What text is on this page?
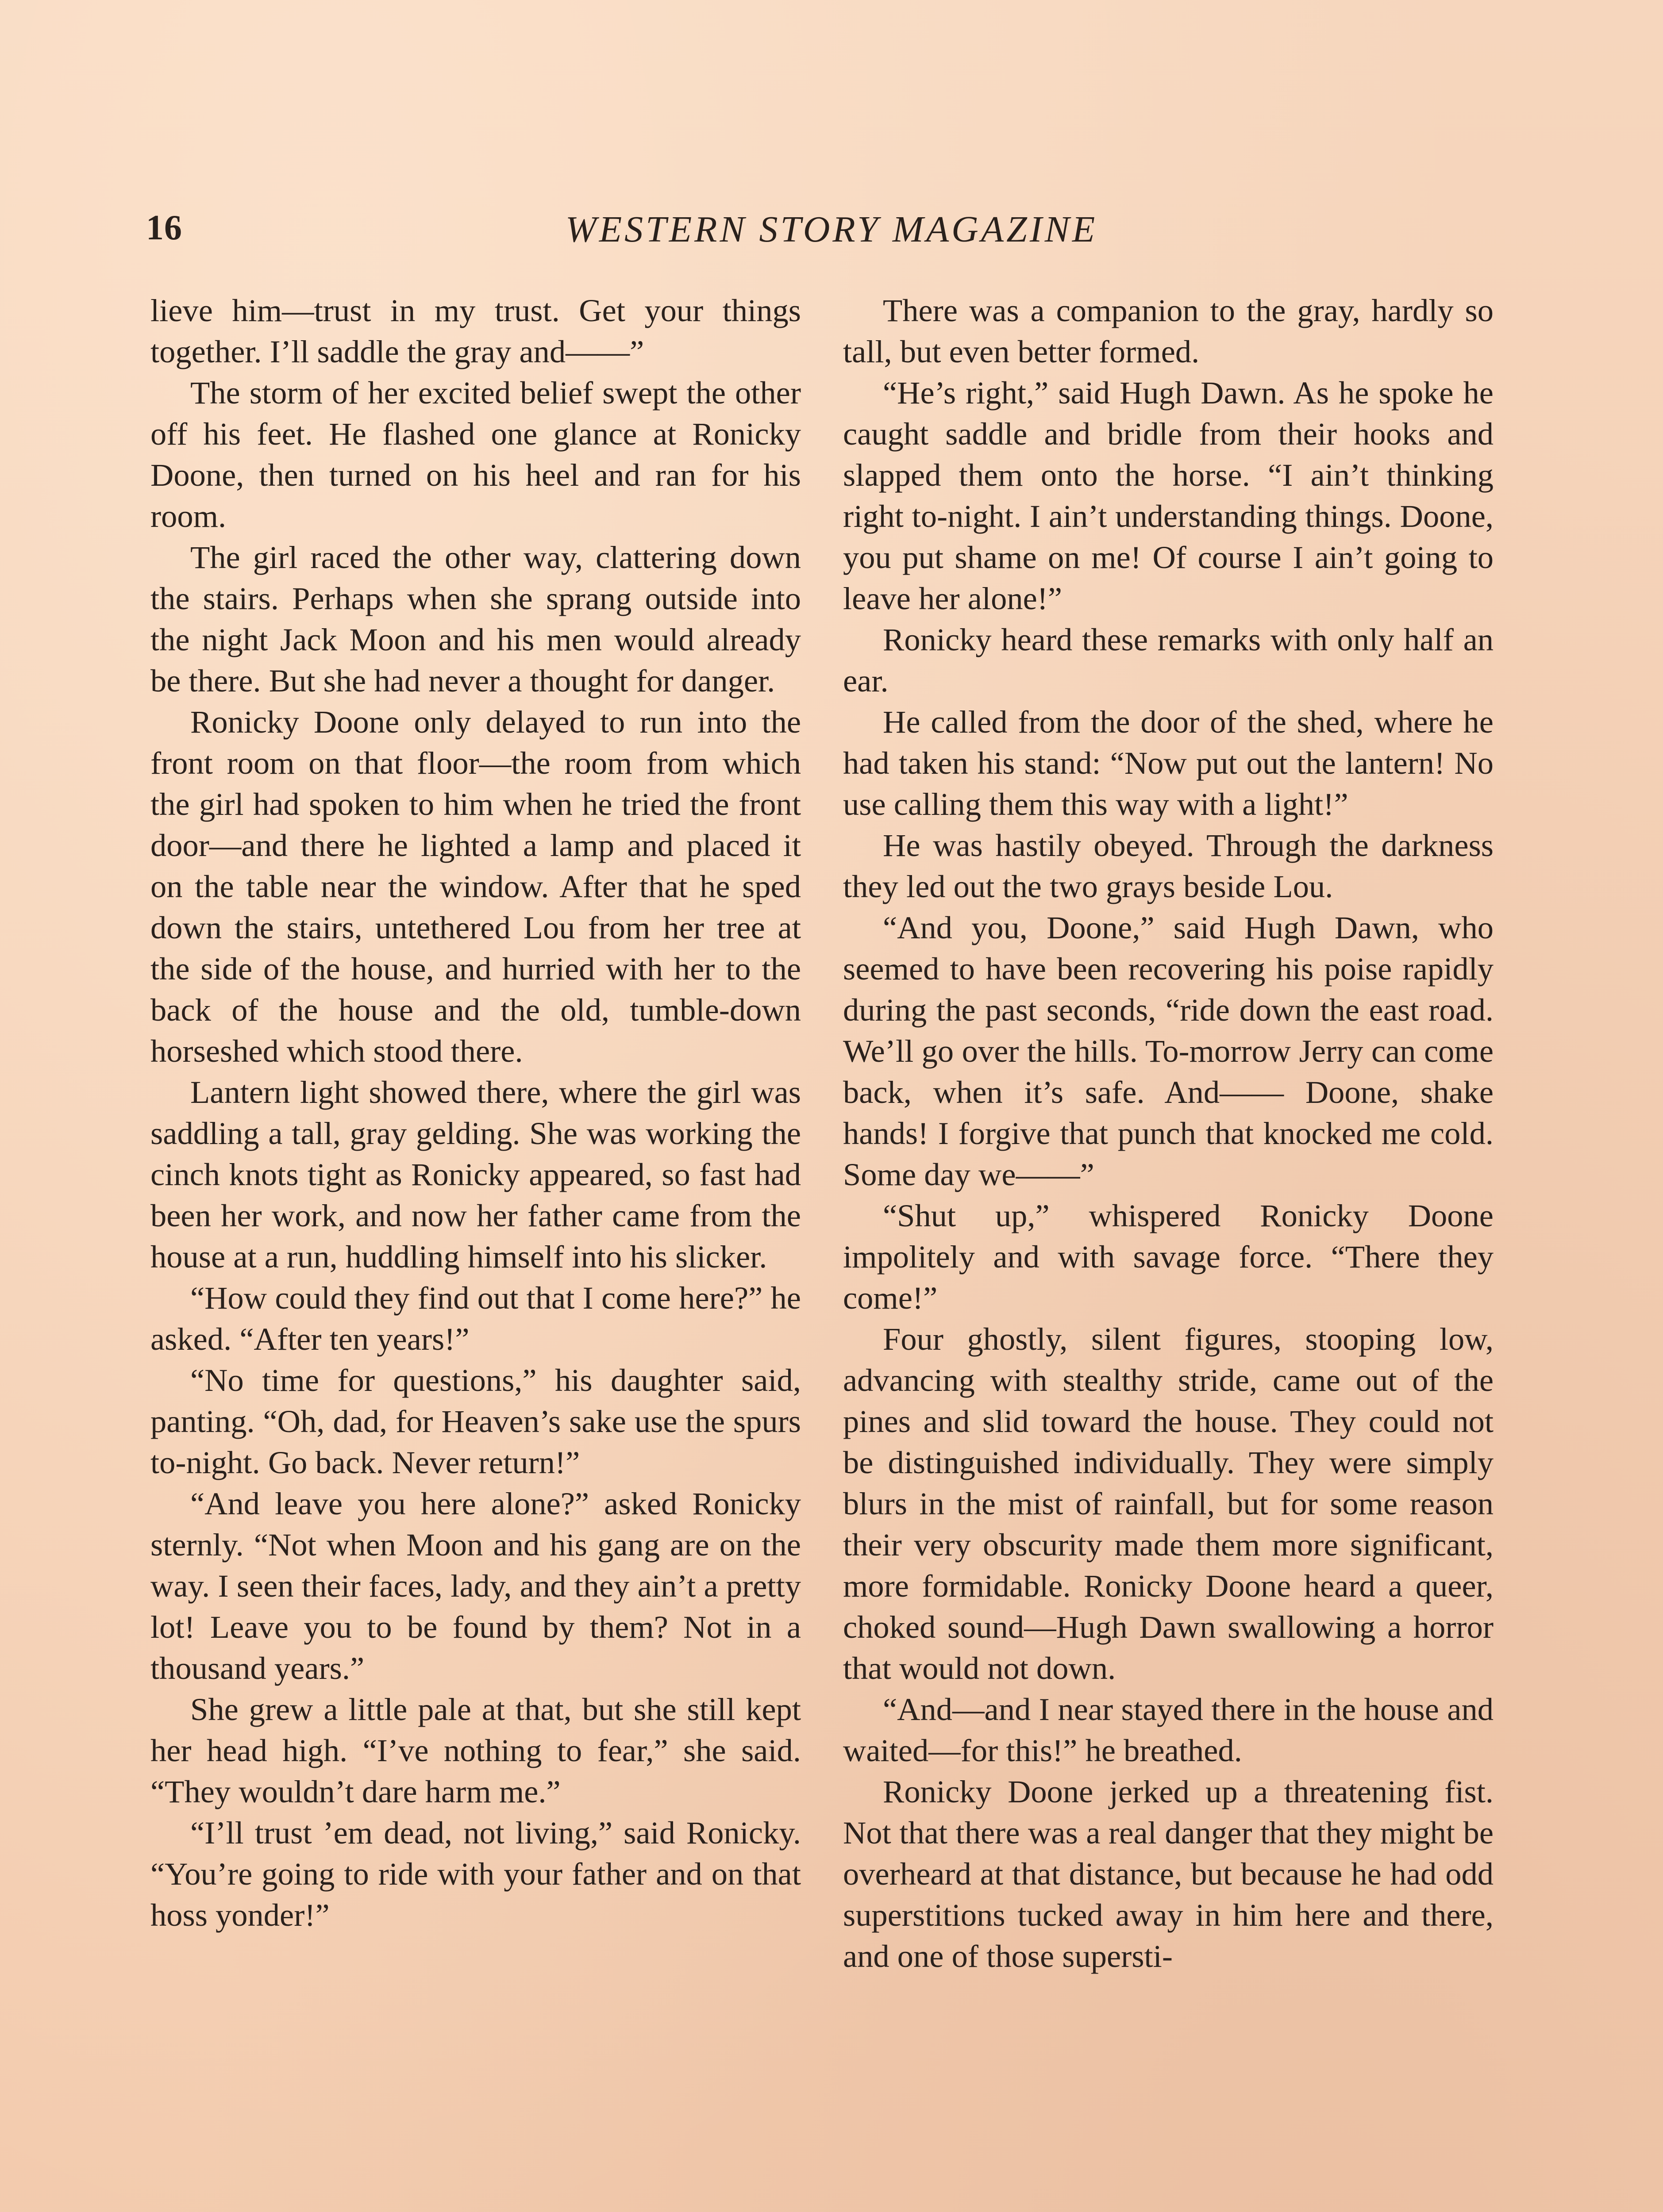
16	WESTERN STORY MAGAZINE

lieve him—trust in my trust. Get your things together. I’ll saddle the gray and——”

The storm of her excited belief swept the other off his feet. He flashed one glance at Ronicky Doone, then turned on his heel and ran for his room.

The girl raced the other way, clattering down the stairs. Perhaps when she sprang outside into the night Jack Moon and his men would already be there. But she had never a thought for danger.

Ronicky Doone only delayed to run into the front room on that floor—the room from which the girl had spoken to him when he tried the front door—and there he lighted a lamp and placed it on the table near the window. After that he sped down the stairs, untethered Lou from her tree at the side of the house, and hurried with her to the back of the house and the old, tumble-down horseshed which stood there.

Lantern light showed there, where the girl was saddling a tall, gray gelding. She was working the cinch knots tight as Ronicky appeared, so fast had been her work, and now her father came from the house at a run, huddling himself into his slicker.

“How could they find out that I come here?” he asked. “After ten years!”

“No time for questions,” his daughter said, panting. “Oh, dad, for Heaven’s sake use the spurs to-night. Go back. Never return!”

“And leave you here alone?” asked Ronicky sternly. “Not when Moon and his gang are on the way. I seen their faces, lady, and they ain’t a pretty lot! Leave you to be found by them? Not in a thousand years.”

She grew a little pale at that, but she still kept her head high. “I’ve nothing to fear,” she said. “They wouldn’t dare harm me.”

“I’ll trust ’em dead, not living,” said Ronicky. “You’re going to ride with your father and on that hoss yonder!”

There was a companion to the gray, hardly so tall, but even better formed.

“He’s right,” said Hugh Dawn. As he spoke he caught saddle and bridle from their hooks and slapped them onto the horse. “I ain’t thinking right to-night. I ain’t understanding things. Doone, you put shame on me! Of course I ain’t going to leave her alone!”

Ronicky heard these remarks with only half an ear.

He called from the door of the shed, where he had taken his stand: “Now put out the lantern! No use calling them this way with a light!”

He was hastily obeyed. Through the darkness they led out the two grays beside Lou.

“And you, Doone,” said Hugh Dawn, who seemed to have been recovering his poise rapidly during the past seconds, “ride down the east road. We’ll go over the hills. To-morrow Jerry can come back, when it’s safe. And—— Doone, shake hands! I forgive that punch that knocked me cold. Some day we——”

“Shut up,” whispered Ronicky Doone impolitely and with savage force. “There they come!”

Four ghostly, silent figures, stooping low, advancing with stealthy stride, came out of the pines and slid toward the house. They could not be distinguished individually. They were simply blurs in the mist of rainfall, but for some reason their very obscurity made them more significant, more formidable. Ronicky Doone heard a queer, choked sound—Hugh Dawn swallowing a horror that would not down.

“And—and I near stayed there in the house and waited—for this!” he breathed.

Ronicky Doone jerked up a threatening fist. Not that there was a real danger that they might be overheard at that distance, but because he had odd superstitions tucked away in him here and there, and one of those supersti-
